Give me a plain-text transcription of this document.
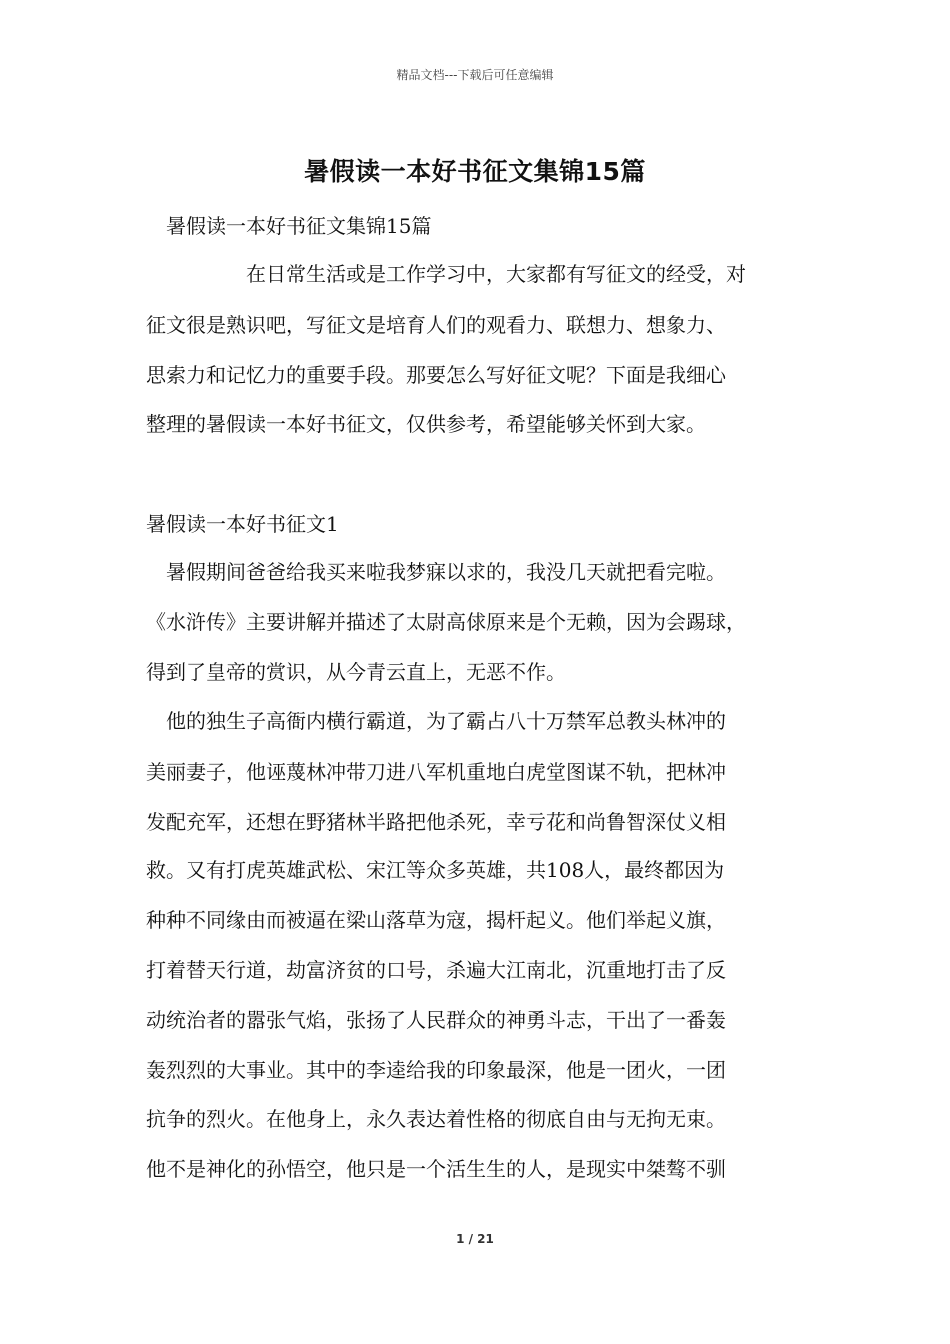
精品文档---下载后可任意编辑
暑假读一本好书征文集锦15篇
暑假读一本好书征文集锦15篇
在日常生活或是工作学习中，大家都有写征文的经受，对
征文很是熟识吧，写征文是培育人们的观看力、联想力、想象力、
思索力和记忆力的重要手段。那要怎么写好征文呢？下面是我细心
整理的暑假读一本好书征文，仅供参考，希望能够关怀到大家。
暑假读一本好书征文1
暑假期间爸爸给我买来啦我梦寐以求的，我没几天就把看完啦。
《水浒传》主要讲解并描述了太尉高俅原来是个无赖，因为会踢球，
得到了皇帝的赏识，从今青云直上，无恶不作。
他的独生子高衙内横行霸道，为了霸占八十万禁军总教头林冲的
美丽妻子，他诬蔑林冲带刀进八军机重地白虎堂图谋不轨，把林冲
发配充军，还想在野猪林半路把他杀死，幸亏花和尚鲁智深仗义相
救。又有打虎英雄武松、宋江等众多英雄，共108人，最终都因为
种种不同缘由而被逼在梁山落草为寇，揭杆起义。他们举起义旗，
打着替天行道，劫富济贫的口号，杀遍大江南北，沉重地打击了反
动统治者的嚣张气焰，张扬了人民群众的神勇斗志，干出了一番轰
轰烈烈的大事业。其中的李逵给我的印象最深，他是一团火，一团
抗争的烈火。在他身上，永久表达着性格的彻底自由与无拘无束。
他不是神化的孙悟空，他只是一个活生生的人，是现实中桀骜不驯
1 / 21
